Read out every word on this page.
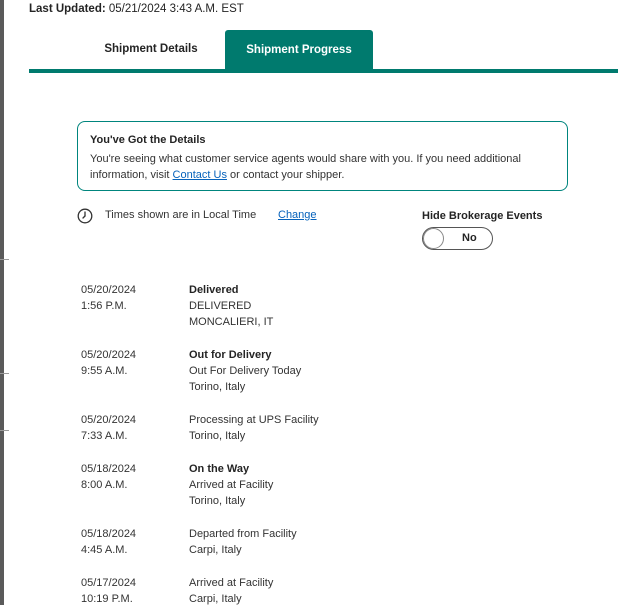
Last Updated: 05/21/2024 3:43 A.M. EST
Shipment Details	Shipment Progress
You've Got the Details
You're seeing what customer service agents would share with you. If you need additional
information, visit Contact Us or contact your shipper.
Times shown are in Local Time Change	Hide Brokerage Events
No
05/20/2024
1:56 P.M.
Delivered
DELIVERED
MONCALIERI, IT
05/20/2024
9:55 A.M.
Out for Delivery
Out For Delivery Today
Torino, Italy
05/20/2024
7:33 A.M.
Processing at UPS Facility
Torino, Italy
05/18/2024
8:00 A.M.
On the Way
Arrived at Facility
Torino, Italy
05/18/2024
4:45 A.M.
Departed from Facility
Carpi, Italy
05/17/2024
10:19 P.M.
Arrived at Facility
Carpi, Italy
